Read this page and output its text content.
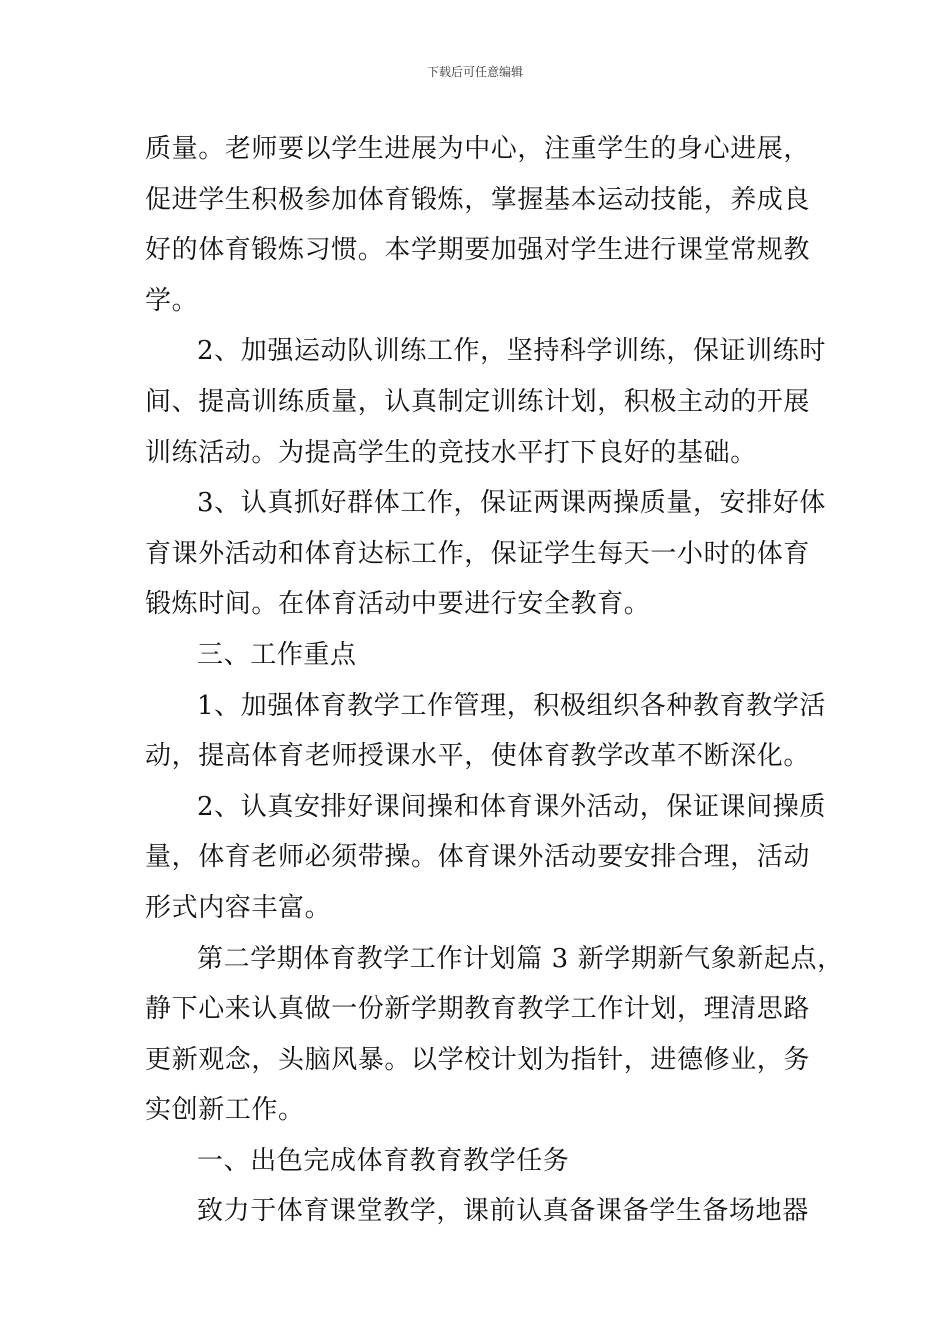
下载后可任意编辑
质量。老师要以学生进展为中心，注重学生的身心进展，
促进学生积极参加体育锻炼，掌握基本运动技能，养成良
好的体育锻炼习惯。本学期要加强对学生进行课堂常规教
学。
2、加强运动队训练工作，坚持科学训练，保证训练时
间、提高训练质量，认真制定训练计划，积极主动的开展
训练活动。为提高学生的竞技水平打下良好的基础。
3、认真抓好群体工作，保证两课两操质量，安排好体
育课外活动和体育达标工作，保证学生每天一小时的体育
锻炼时间。在体育活动中要进行安全教育。
三、工作重点
1、加强体育教学工作管理，积极组织各种教育教学活
动，提高体育老师授课水平，使体育教学改革不断深化。
2、认真安排好课间操和体育课外活动，保证课间操质
量，体育老师必须带操。体育课外活动要安排合理，活动
形式内容丰富。
第二学期体育教学工作计划篇 3 新学期新气象新起点，
静下心来认真做一份新学期教育教学工作计划，理清思路
更新观念，头脑风暴。以学校计划为指针，进德修业，务
实创新工作。
一、出色完成体育教育教学任务
致力于体育课堂教学，课前认真备课备学生备场地器
